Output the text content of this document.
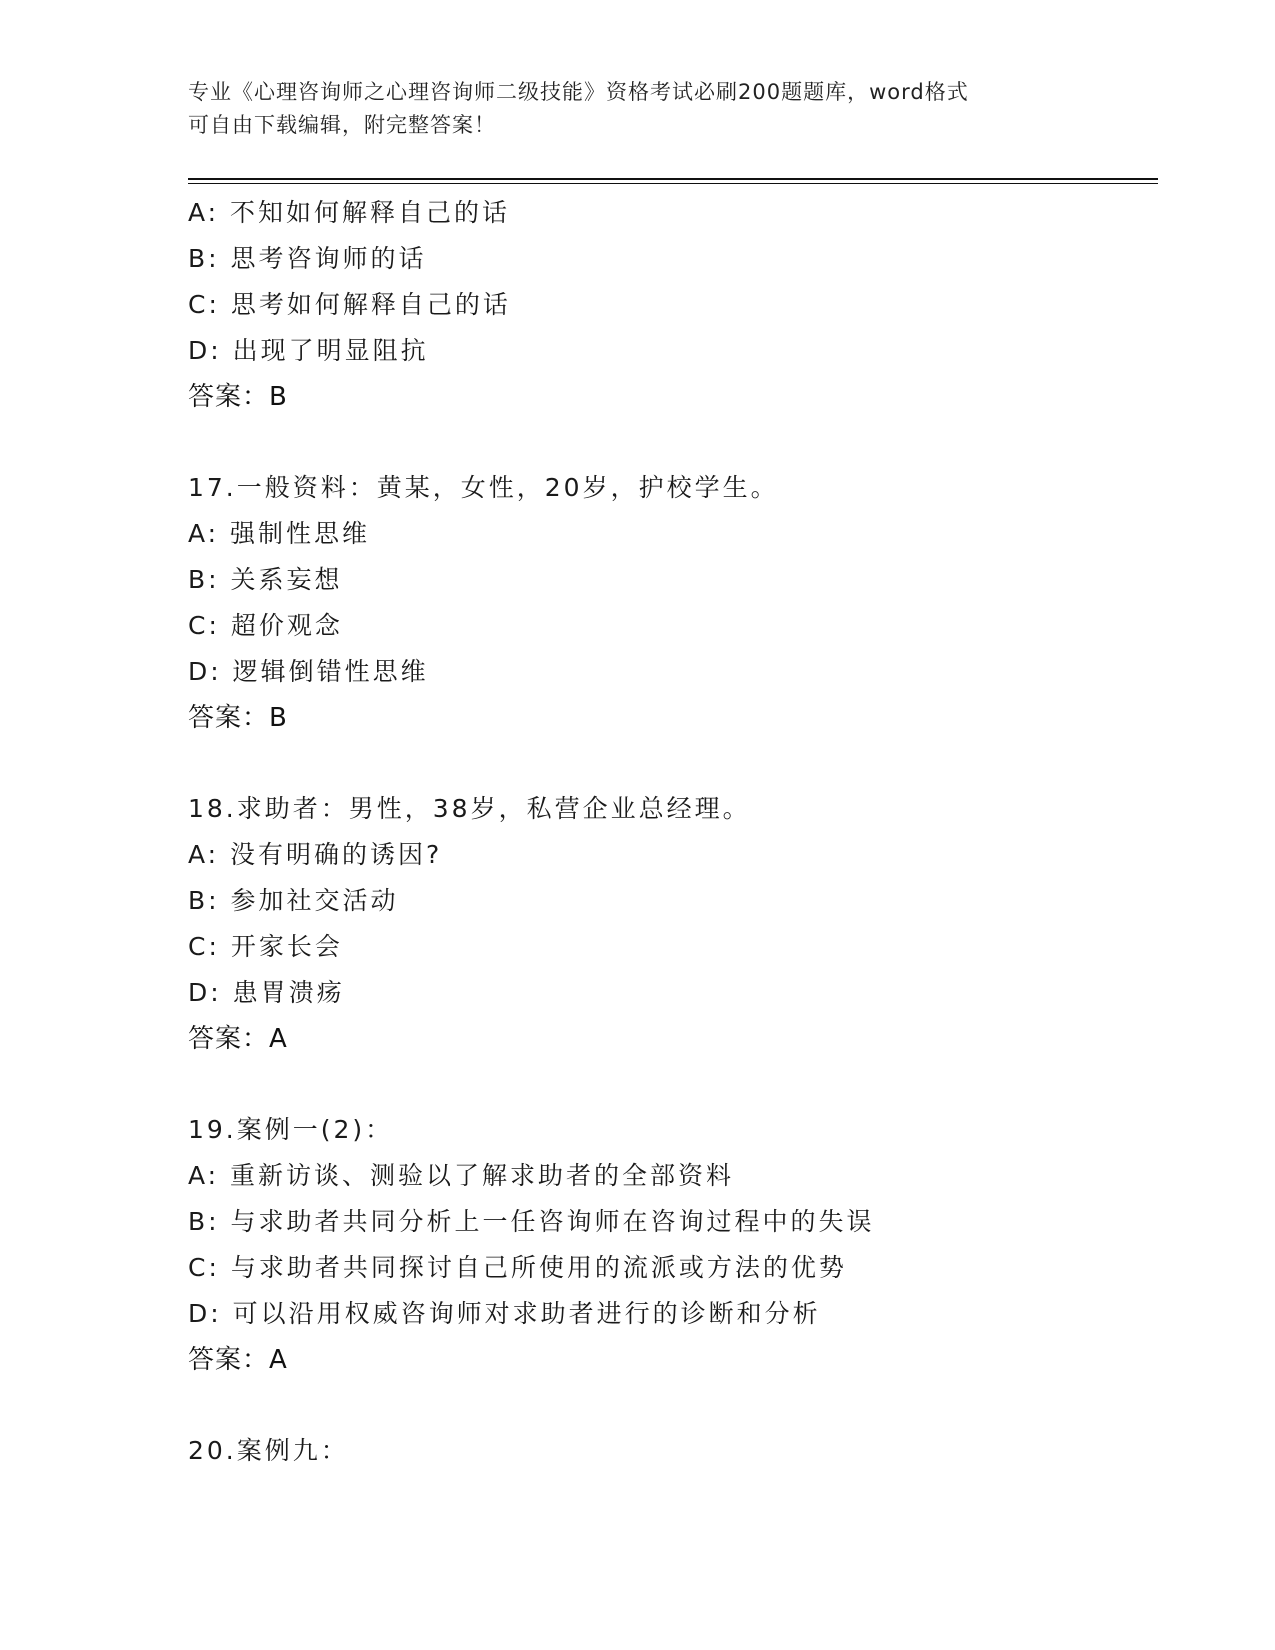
专业《心理咨询师之心理咨询师二级技能》资格考试必刷200题题库，word格式
可自由下载编辑，附完整答案！
A: 不知如何解释自己的话
B: 思考咨询师的话
C: 思考如何解释自己的话
D: 出现了明显阻抗
答案：B
17.一般资料：黄某，女性，20岁，护校学生。
A: 强制性思维
B: 关系妄想
C: 超价观念
D: 逻辑倒错性思维
答案：B
18.求助者：男性，38岁，私营企业总经理。
A: 没有明确的诱因?
B: 参加社交活动
C: 开家长会
D: 患胃溃疡
答案：A
19.案例一(2)：
A: 重新访谈、测验以了解求助者的全部资料
B: 与求助者共同分析上一任咨询师在咨询过程中的失误
C: 与求助者共同探讨自己所使用的流派或方法的优势
D: 可以沿用权威咨询师对求助者进行的诊断和分析
答案：A
20.案例九：
